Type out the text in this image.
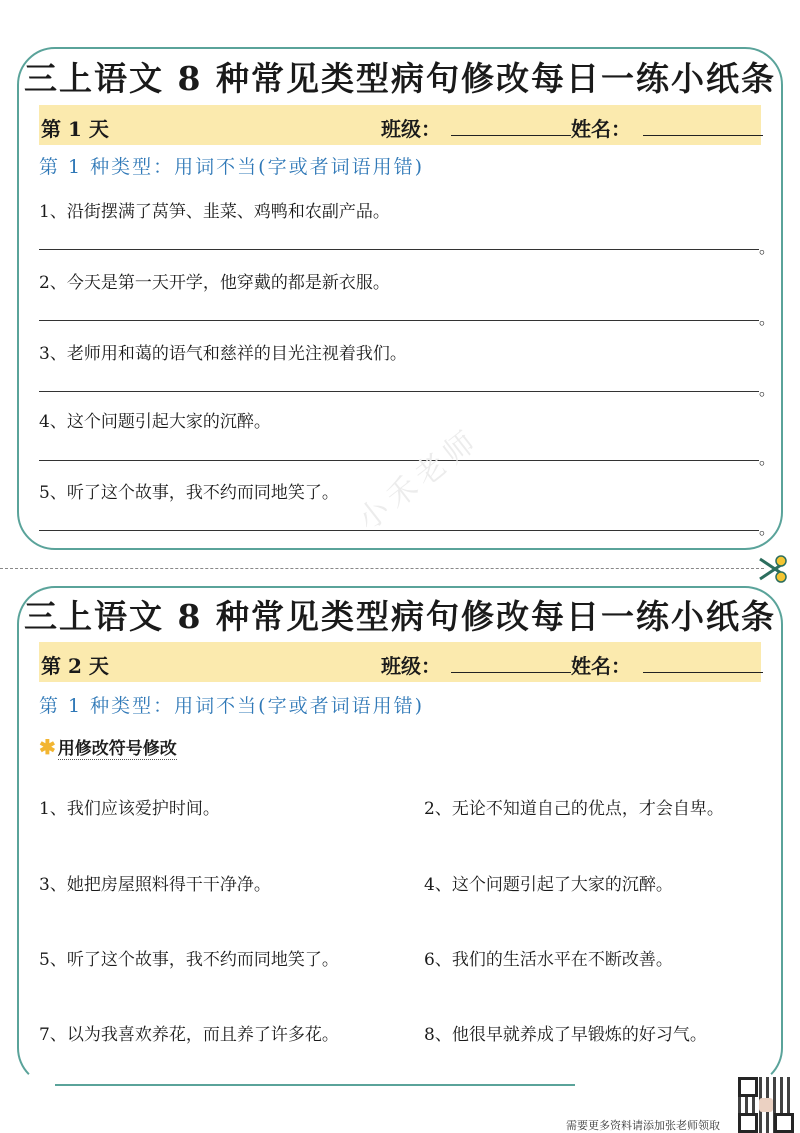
三上语文 8 种常见类型病句修改每日一练小纸条
第 1 天	班级：	姓名：
第 1 种类型：用词不当(字或者词语用错)
1、沿街摆满了莴笋、韭菜、鸡鸭和农副产品。
。
2、今天是第一天开学，他穿戴的都是新衣服。
。
3、老师用和蔼的语气和慈祥的目光注视着我们。
。
4、这个问题引起大家的沉醉。
。
5、听了这个故事，我不约而同地笑了。
。
小禾老师
三上语文 8 种常见类型病句修改每日一练小纸条
第 2 天	班级：	姓名：
第 1 种类型：用词不当(字或者词语用错)
✱ 用修改符号修改
1、我们应该爱护时间。	2、无论不知道自己的优点，才会自卑。
3、她把房屋照料得干干净净。	4、这个问题引起了大家的沉醉。
5、听了这个故事，我不约而同地笑了。	6、我们的生活水平在不断改善。
7、以为我喜欢养花，而且养了许多花。	8、他很早就养成了早锻炼的好习气。
需要更多资料请添加张老师领取
